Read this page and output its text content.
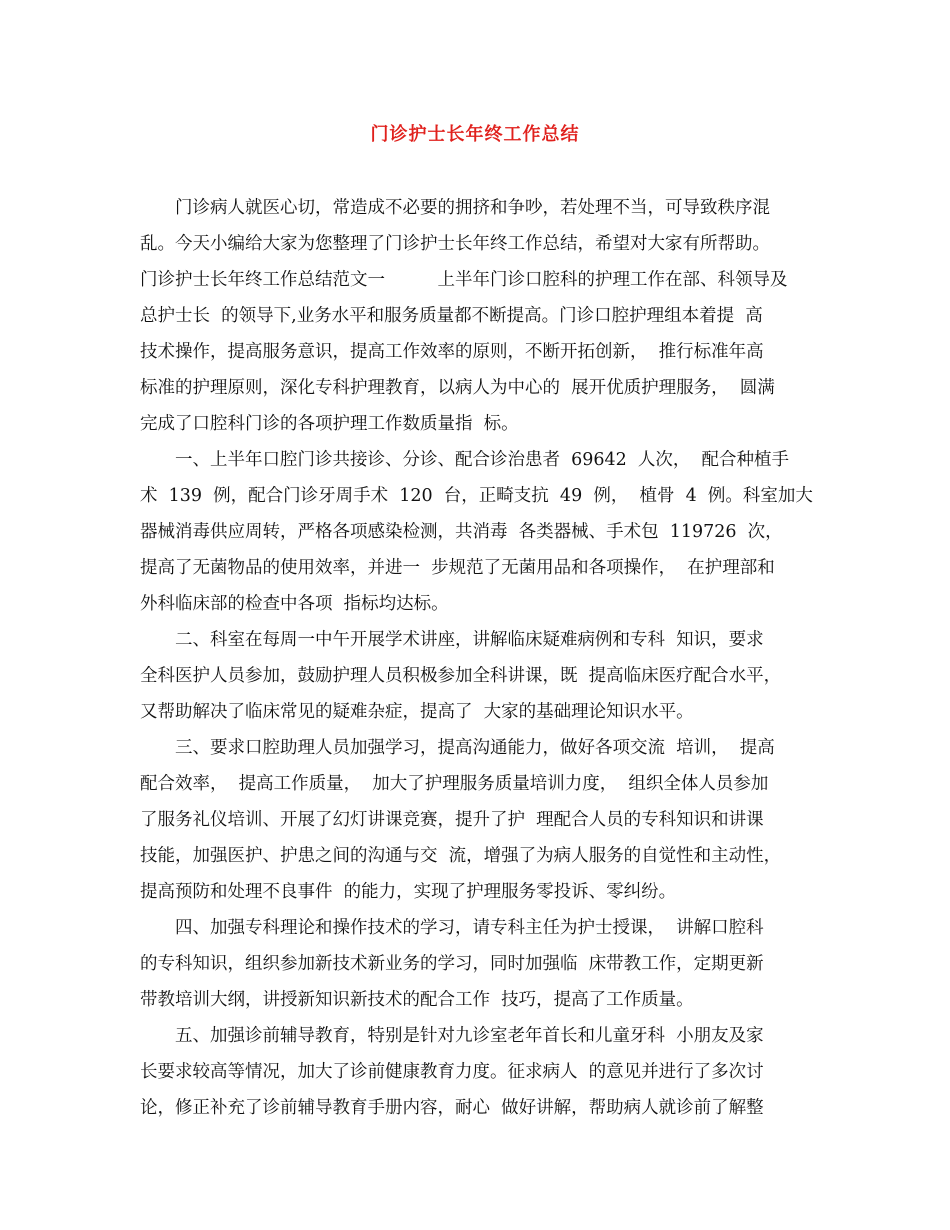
门诊护士长年终工作总结

门诊病人就医心切，常造成不必要的拥挤和争吵，若处理不当，可导致秩序混

乱。今天小编给大家为您整理了门诊护士长年终工作总结，希望对大家有所帮助。

门诊护士长年终工作总结范文一　　　上半年门诊口腔科的护理工作在部、科领导及

总护士长  的领导下,业务水平和服务质量都不断提高。门诊口腔护理组本着提  高

技术操作，提高服务意识，提高工作效率的原则，不断开拓创新，  推行标准年高

标准的护理原则，深化专科护理教育，以病人为中心的  展开优质护理服务，  圆满

完成了口腔科门诊的各项护理工作数质量指  标。

一、上半年口腔门诊共接诊、分诊、配合诊治患者  69642  人次，  配合种植手

术  139  例，配合门诊牙周手术  120  台，正畸支抗  49  例，  植骨  4  例。科室加大

器械消毒供应周转，严格各项感染检测，共消毒  各类器械、手术包  119726  次，

提高了无菌物品的使用效率，并进一  步规范了无菌用品和各项操作，  在护理部和

外科临床部的检查中各项  指标均达标。

二、科室在每周一中午开展学术讲座，讲解临床疑难病例和专科  知识，要求

全科医护人员参加，鼓励护理人员积极参加全科讲课，既  提高临床医疗配合水平，

又帮助解决了临床常见的疑难杂症，提高了  大家的基础理论知识水平。

三、要求口腔助理人员加强学习，提高沟通能力，做好各项交流  培训，  提高

配合效率，  提高工作质量，  加大了护理服务质量培训力度，  组织全体人员参加

了服务礼仪培训、开展了幻灯讲课竞赛，提升了护  理配合人员的专科知识和讲课

技能，加强医护、护患之间的沟通与交  流，增强了为病人服务的自觉性和主动性，

提高预防和处理不良事件  的能力，实现了护理服务零投诉、零纠纷。

四、加强专科理论和操作技术的学习，请专科主任为护士授课，  讲解口腔科

的专科知识，组织参加新技术新业务的学习，同时加强临  床带教工作，定期更新

带教培训大纲，讲授新知识新技术的配合工作  技巧，提高了工作质量。

五、加强诊前辅导教育，特别是针对九诊室老年首长和儿童牙科  小朋友及家

长要求较高等情况，加大了诊前健康教育力度。征求病人  的意见并进行了多次讨

论，修正补充了诊前辅导教育手册内容，耐心  做好讲解，帮助病人就诊前了解整
